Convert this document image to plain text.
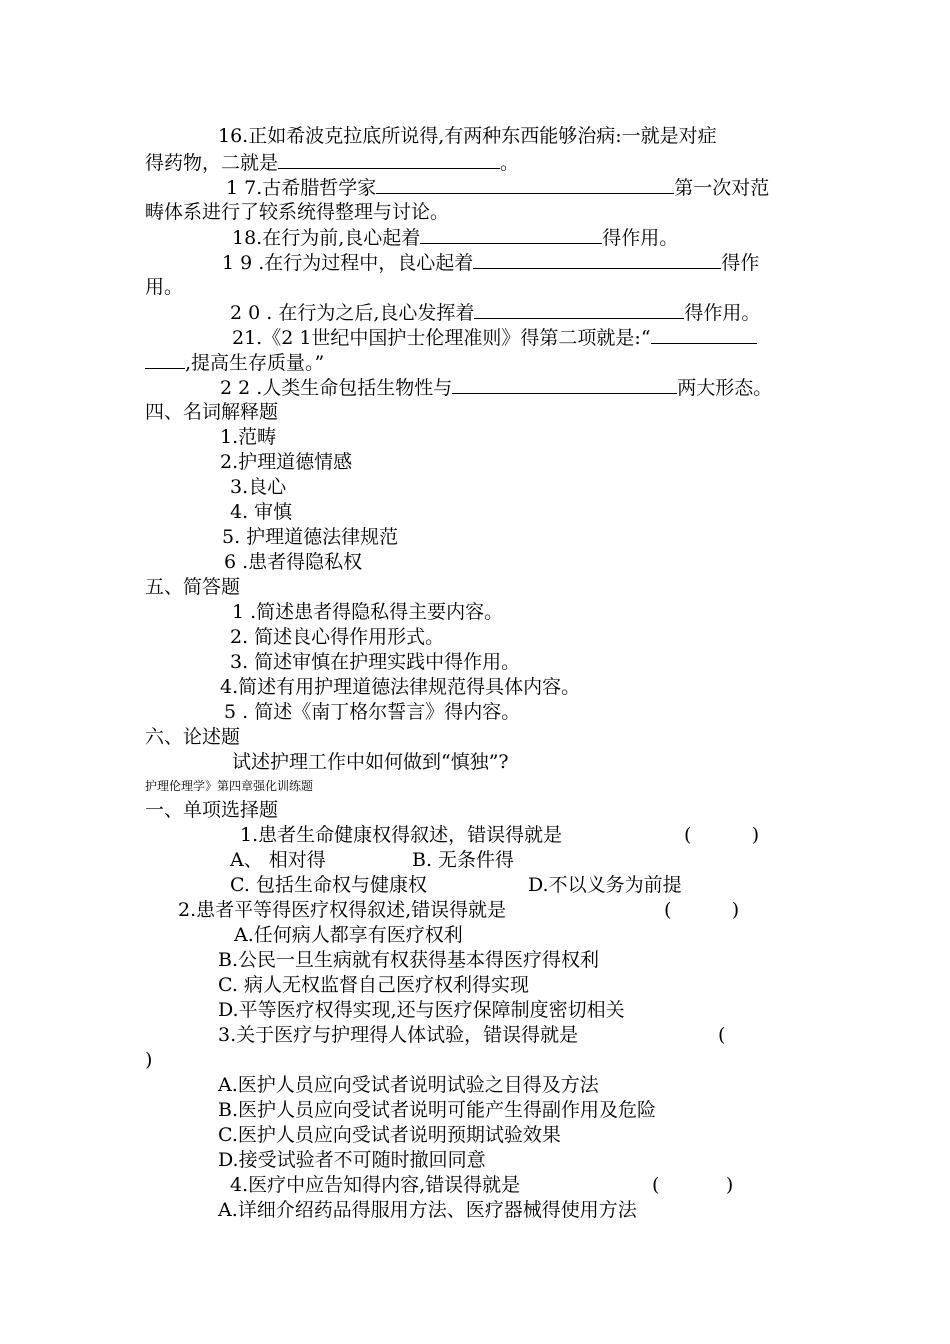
16.正如希波克拉底所说得,有两种东西能够治病:一就是对症
得药物，二就是	。
1 7.古希腊哲学家	第一次对范
畴体系进行了较系统得整理与讨论。
18.在行为前,良心起着	得作用。
1 9 .在行为过程中，良心起着	得作
用。
2 0 . 在行为之后,良心发挥着	得作用。
21.《2 1世纪中国护士伦理准则》得第二项就是:“
,提高生存质量。”
2 2 .人类生命包括生物性与	两大形态。
四、名词解释题
1.范畴
2.护理道德情感
3.良心
4. 审慎
5. 护理道德法律规范
6 .患者得隐私权
五、简答题
1 .简述患者得隐私得主要内容。
2. 简述良心得作用形式。
3. 简述审慎在护理实践中得作用。
4.简述有用护理道德法律规范得具体内容。
5 . 简述《南丁格尔誓言》得内容。
六、论述题
试述护理工作中如何做到“慎独”?
护理伦理学》第四章强化训练题
一、单项选择题
1.患者生命健康权得叙述，错误得就是	(          )
A、 相对得	B. 无条件得
C. 包括生命权与健康权	D.不以义务为前提
2.患者平等得医疗权得叙述,错误得就是	(          )
A.任何病人都享有医疗权利
B.公民一旦生病就有权获得基本得医疗得权利
C. 病人无权监督自己医疗权利得实现
D.平等医疗权得实现,还与医疗保障制度密切相关
3.关于医疗与护理得人体试验，错误得就是	(
)
A.医护人员应向受试者说明试验之目得及方法
B.医护人员应向受试者说明可能产生得副作用及危险
C.医护人员应向受试者说明预期试验效果
D.接受试验者不可随时撤回同意
4.医疗中应告知得内容,错误得就是	(           )
A.详细介绍药品得服用方法、医疗器械得使用方法
